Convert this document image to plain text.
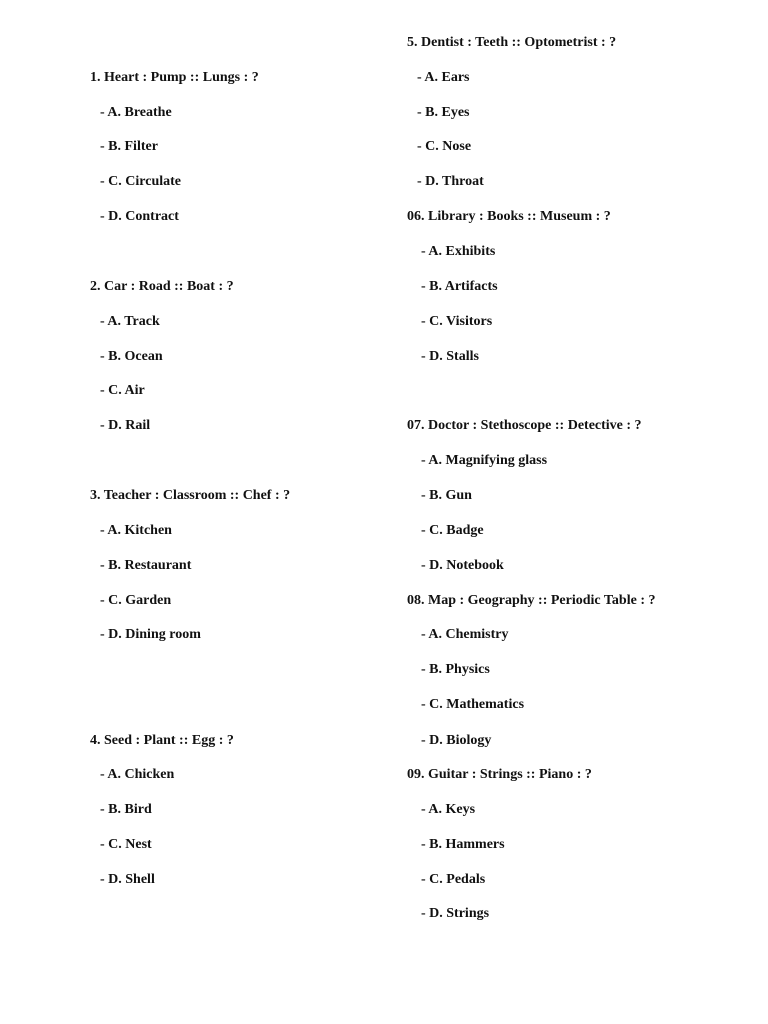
1. Heart : Pump :: Lungs : ?
- A. Breathe
- B. Filter
- C. Circulate
- D. Contract
2. Car : Road :: Boat : ?
- A. Track
- B. Ocean
- C. Air
- D. Rail
3. Teacher : Classroom :: Chef : ?
- A. Kitchen
- B. Restaurant
- C. Garden
- D. Dining room
4. Seed : Plant :: Egg : ?
- A. Chicken
- B. Bird
- C. Nest
- D. Shell
5. Dentist : Teeth :: Optometrist : ?
- A. Ears
- B. Eyes
- C. Nose
- D. Throat
06. Library : Books :: Museum : ?
- A. Exhibits
- B. Artifacts
- C. Visitors
- D. Stalls
07. Doctor : Stethoscope :: Detective : ?
- A. Magnifying glass
- B. Gun
- C. Badge
- D. Notebook
08. Map : Geography :: Periodic Table : ?
- A. Chemistry
- B. Physics
- C. Mathematics
- D. Biology
09. Guitar : Strings :: Piano : ?
- A. Keys
- B. Hammers
- C. Pedals
- D. Strings
